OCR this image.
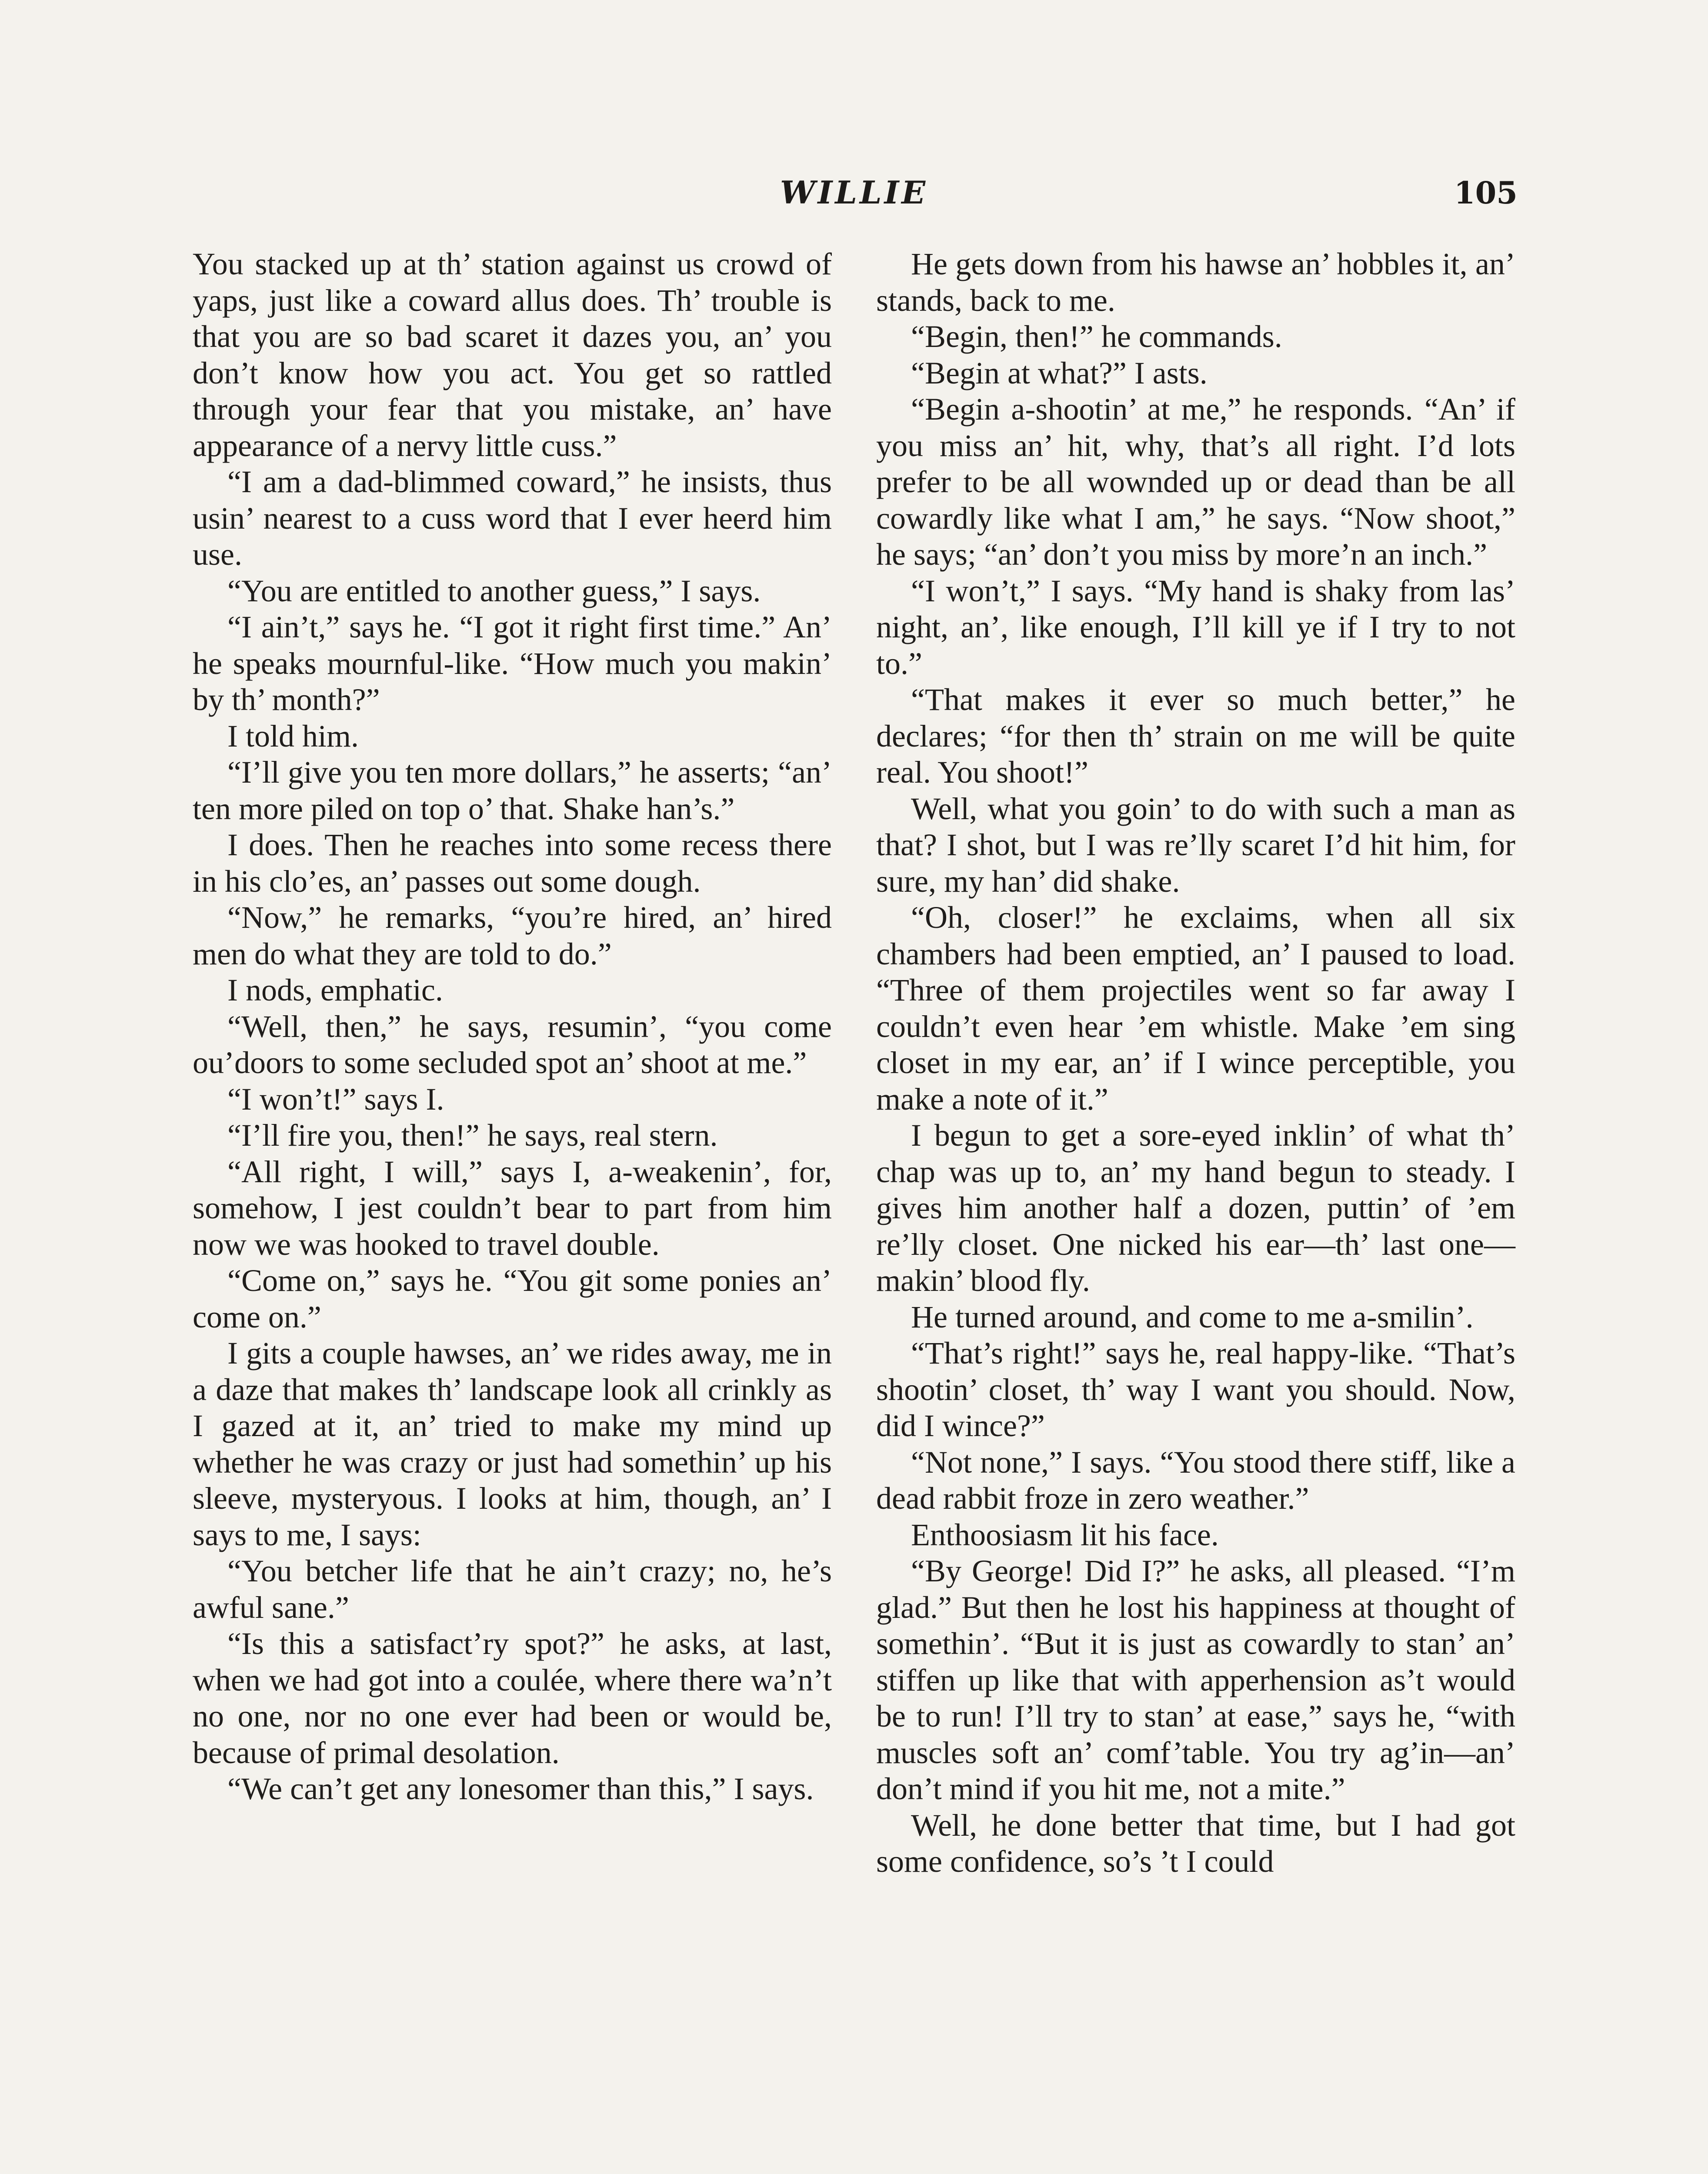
WILLIE	105

You stacked up at th’ station against us crowd of yaps, just like a coward allus does. Th’ trouble is that you are so bad scaret it dazes you, an’ you don’t know how you act. You get so rattled through your fear that you mistake, an’ have appearance of a nervy little cuss.”

“I am a dad-blimmed coward,” he insists, thus usin’ nearest to a cuss word that I ever heerd him use.

“You are entitled to another guess,” I says.

“I ain’t,” says he. “I got it right first time.” An’ he speaks mournful-like. “How much you makin’ by th’ month?”

I told him.

“I’ll give you ten more dollars,” he asserts; “an’ ten more piled on top o’ that. Shake han’s.”

I does. Then he reaches into some recess there in his clo’es, an’ passes out some dough.

“Now,” he remarks, “you’re hired, an’ hired men do what they are told to do.”

I nods, emphatic.

“Well, then,” he says, resumin’, “you come ou’doors to some secluded spot an’ shoot at me.”

“I won’t!” says I.

“I’ll fire you, then!” he says, real stern.

“All right, I will,” says I, a-weakenin’, for, somehow, I jest couldn’t bear to part from him now we was hooked to travel double.

“Come on,” says he. “You git some ponies an’ come on.”

I gits a couple hawses, an’ we rides away, me in a daze that makes th’ landscape look all crinkly as I gazed at it, an’ tried to make my mind up whether he was crazy or just had somethin’ up his sleeve, mysteryous. I looks at him, though, an’ I says to me, I says:

“You betcher life that he ain’t crazy; no, he’s awful sane.”

“Is this a satisfact’ry spot?” he asks, at last, when we had got into a coulée, where there wa’n’t no one, nor no one ever had been or would be, because of primal desolation.

“We can’t get any lonesomer than this,” I says.

He gets down from his hawse an’ hobbles it, an’ stands, back to me.

“Begin, then!” he commands.

“Begin at what?” I asts.

“Begin a-shootin’ at me,” he responds. “An’ if you miss an’ hit, why, that’s all right. I’d lots prefer to be all wownded up or dead than be all cowardly like what I am,” he says. “Now shoot,” he says; “an’ don’t you miss by more’n an inch.”

“I won’t,” I says. “My hand is shaky from las’ night, an’, like enough, I’ll kill ye if I try to not to.”

“That makes it ever so much better,” he declares; “for then th’ strain on me will be quite real. You shoot!”

Well, what you goin’ to do with such a man as that? I shot, but I was re’lly scaret I’d hit him, for sure, my han’ did shake.

“Oh, closer!” he exclaims, when all six chambers had been emptied, an’ I paused to load. “Three of them projectiles went so far away I couldn’t even hear ’em whistle. Make ’em sing closet in my ear, an’ if I wince perceptible, you make a note of it.”

I begun to get a sore-eyed inklin’ of what th’ chap was up to, an’ my hand begun to steady. I gives him another half a dozen, puttin’ of ’em re’lly closet. One nicked his ear—th’ last one—makin’ blood fly.

He turned around, and come to me a-smilin’.

“That’s right!” says he, real happy-like. “That’s shootin’ closet, th’ way I want you should. Now, did I wince?”

“Not none,” I says. “You stood there stiff, like a dead rabbit froze in zero weather.”

Enthoosiasm lit his face.

“By George! Did I?” he asks, all pleased. “I’m glad.” But then he lost his happiness at thought of somethin’. “But it is just as cowardly to stan’ an’ stiffen up like that with apperhension as’t would be to run! I’ll try to stan’ at ease,” says he, “with muscles soft an’ comf’table. You try ag’in—an’ don’t mind if you hit me, not a mite.”

Well, he done better that time, but I had got some confidence, so’s ’t I could
